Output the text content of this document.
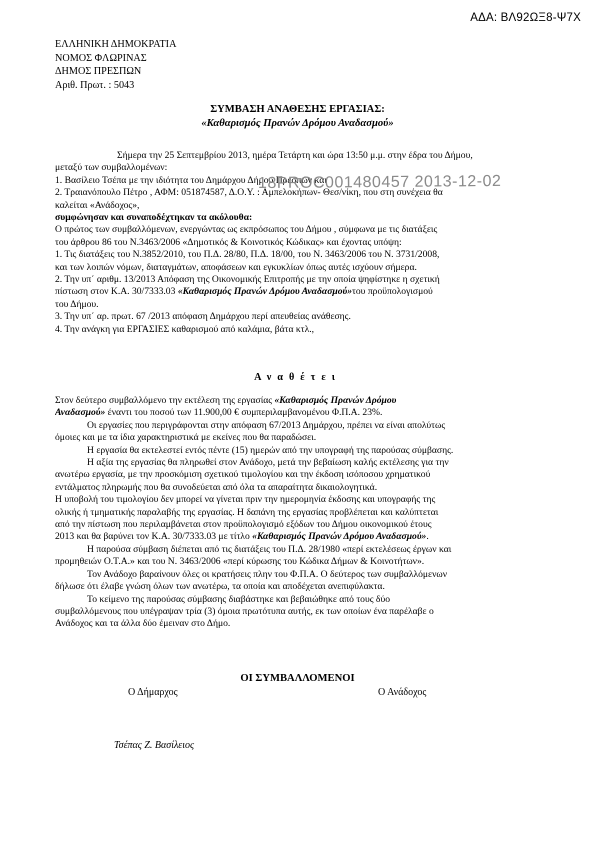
ΑΔΑ: ΒΛ92ΩΞ8-Ψ7Χ
18PROC001480457 2013-12-02
ΕΛΛΗΝΙΚΗ ΔΗΜΟΚΡΑΤΙΑ
ΝΟΜΟΣ ΦΛΩΡΙΝΑΣ
ΔΗΜΟΣ ΠΡΕΣΠΩΝ
Αριθ. Πρωτ. : 5043
ΣΥΜΒΑΣΗ ΑΝΑΘΕΣΗΣ ΕΡΓΑΣΙΑΣ:
«Καθαρισμός Πρανών Δρόμου Αναδασμού»
Σήμερα την 25 Σεπτεμβρίου 2013, ημέρα Τετάρτη και ώρα 13:50 μ.μ. στην έδρα του Δήμου,
μεταξύ των συμβαλλομένων:
1. Βασίλειο Τσέπα με την ιδιότητα του Δημάρχου Δήμου Πρεσπών και
2. Τραιανόπουλο Πέτρο , ΑΦΜ: 051874587, Δ.Ο.Υ. : Αμπελοκήπων- Θεσ/νίκη, που στη συνέχεια θα
καλείται «Ανάδοχος»,
συμφώνησαν και συναποδέχτηκαν τα ακόλουθα:
Ο πρώτος των συμβαλλόμενων, ενεργώντας ως εκπρόσωπος του Δήμου , σύμφωνα με τις διατάξεις
του άρθρου 86 του Ν.3463/2006 «Δημοτικός & Κοινοτικός Κώδικας» και έχοντας υπόψη:
1. Τις διατάξεις του Ν.3852/2010, του Π.Δ. 28/80, Π.Δ. 18/00, του Ν. 3463/2006 του Ν. 3731/2008,
και των λοιπών νόμων, διαταγμάτων, αποφάσεων και εγκυκλίων όπως αυτές ισχύουν σήμερα.
2. Την υπ΄ αριθμ. 13/2013 Απόφαση της Οικονομικής Επιτροπής με την οποία ψηφίστηκε η σχετική
πίστωση στον Κ.Α. 30/7333.03 «Καθαρισμός Πρανών Δρόμου Αναδασμού»του προϋπολογισμού
του Δήμου.
3. Την υπ΄ αρ. πρωτ. 67 /2013 απόφαση Δημάρχου περί απευθείας ανάθεσης.
4. Την ανάγκη για ΕΡΓΑΣΙΕΣ καθαρισμού από καλάμια, βάτα κτλ.,
Αναθέτει
Στον δεύτερο συμβαλλόμενο την εκτέλεση της εργασίας «Καθαρισμός Πρανών Δρόμου
Αναδασμού» έναντι του ποσού των 11.900,00 € συμπεριλαμβανομένου Φ.Π.Α. 23%.
Οι εργασίες που περιγράφονται στην απόφαση 67/2013 Δημάρχου, πρέπει να είναι απολύτως
όμοιες και με τα ίδια χαρακτηριστικά με εκείνες που θα παραδώσει.
Η εργασία θα εκτελεστεί εντός πέντε (15) ημερών από την υπογραφή της παρούσας σύμβασης.
Η αξία της εργασίας θα πληρωθεί στον Ανάδοχο, μετά την βεβαίωση καλής εκτέλεσης για την
ανωτέρω εργασία, με την προσκόμιση σχετικού τιμολογίου και την έκδοση ισόποσου χρηματικού
εντάλματος πληρωμής που θα συνοδεύεται από όλα τα απαραίτητα δικαιολογητικά.
Η υποβολή του τιμολογίου δεν μπορεί να γίνεται πριν την ημερομηνία έκδοσης και υπογραφής της
ολικής ή τμηματικής παραλαβής της εργασίας. Η δαπάνη της εργασίας προβλέπεται και καλύπτεται
από την πίστωση που περιλαμβάνεται στον προϋπολογισμό εξόδων του Δήμου οικονομικού έτους
2013 και θα βαρύνει τον Κ.Α. 30/7333.03 με τίτλο «Καθαρισμός Πρανών Δρόμου Αναδασμού».
Η παρούσα σύμβαση διέπεται από τις διατάξεις του Π.Δ. 28/1980 «περί εκτελέσεως έργων και
προμηθειών Ο.Τ.Α.» και του Ν. 3463/2006 «περί κύρωσης του Κώδικα Δήμων & Κοινοτήτων».
Τον Ανάδοχο βαραίνουν όλες οι κρατήσεις πλην του Φ.Π.Α. Ο δεύτερος των συμβαλλόμενων
δήλωσε ότι έλαβε γνώση όλων των ανωτέρω, τα οποία και αποδέχεται ανεπιφύλακτα.
Το κείμενο της παρούσας σύμβασης διαβάστηκε και βεβαιώθηκε από τους δύο
συμβαλλόμενους που υπέγραψαν τρία (3) όμοια πρωτότυπα αυτής, εκ των οποίων ένα παρέλαβε ο
Ανάδοχος και τα άλλα δύο έμειναν στο Δήμο.
ΟΙ ΣΥΜΒΑΛΛΟΜΕΝΟΙ
Ο Δήμαρχος	Ο Ανάδοχος
Τσέπας Ζ. Βασίλειος
